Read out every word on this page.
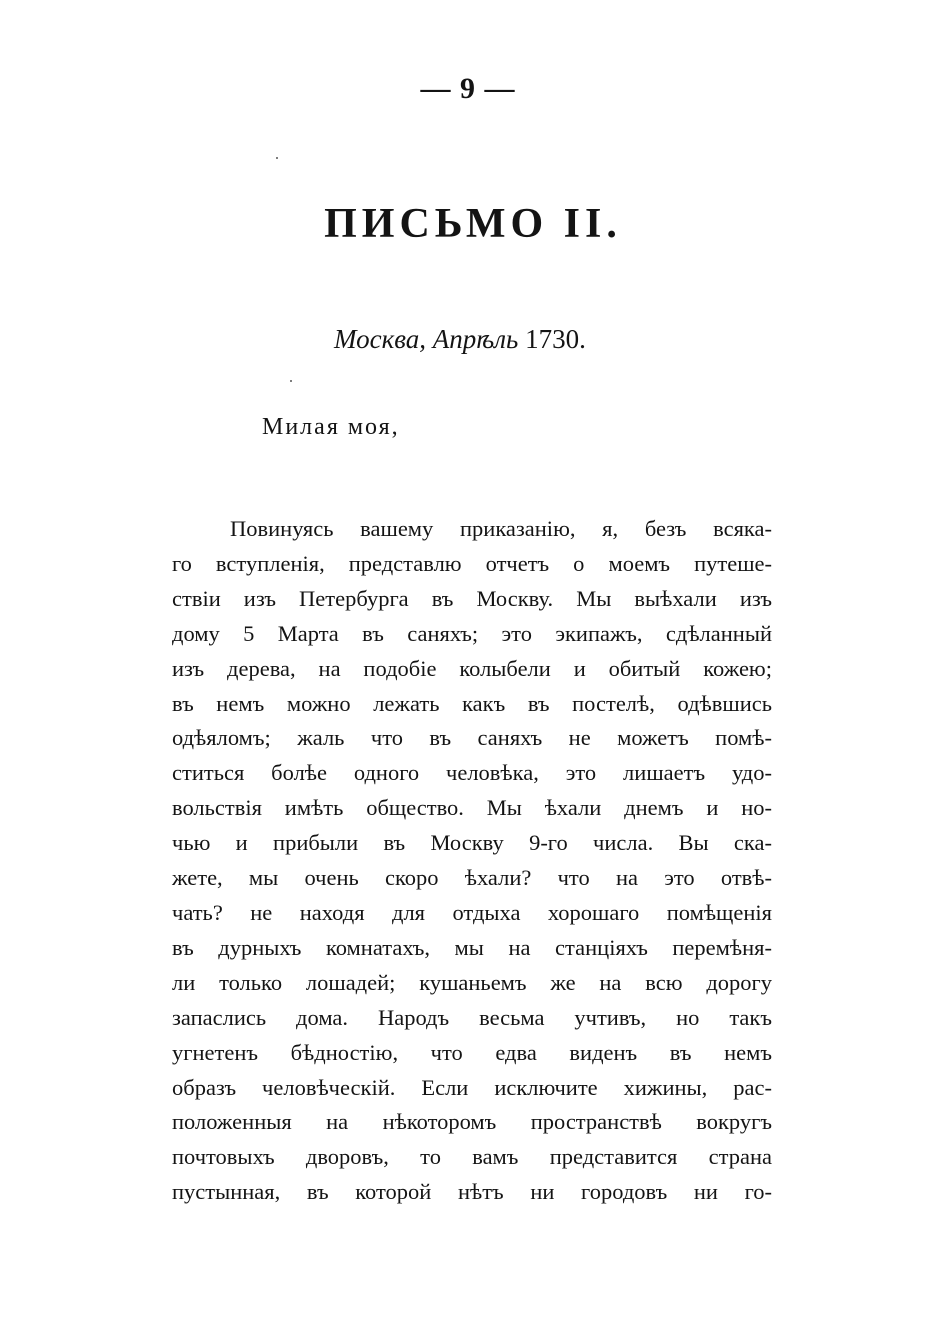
— 9 —
ПИСЬМО II.
Москва, Апрѣль 1730.
Милая моя,
Повинуясь вашему приказанію, я, безъ всяка-
го вступленія, представлю отчетъ о моемъ путеше-
ствіи изъ Петербурга въ Москву. Мы выѣхали изъ
дому 5 Марта въ саняхъ; это экипажъ, сдѣланный
изъ дерева, на подобіе колыбели и обитый кожею;
въ немъ можно лежать какъ въ постелѣ, одѣвшись
одѣяломъ; жаль что въ саняхъ не можетъ помѣ-
ститься болѣе одного человѣка, это лишаетъ удо-
вольствія имѣть общество. Мы ѣхали днемъ и но-
чью и прибыли въ Москву 9-го числа. Вы ска-
жете, мы очень скоро ѣхали? что на это отвѣ-
чать? не находя для отдыха хорошаго помѣщенія
въ дурныхъ комнатахъ, мы на станціяхъ перемѣня-
ли только лошадей; кушаньемъ же на всю дорогу
запаслись дома. Народъ весьма учтивъ, но такъ
угнетенъ бѣдностію, что едва виденъ въ немъ
образъ человѣческій. Если исключите хижины, рас-
положенныя на нѣкоторомъ пространствѣ вокругъ
почтовыхъ дворовъ, то вамъ представится страна
пустынная, въ которой нѣтъ ни городовъ ни го-
